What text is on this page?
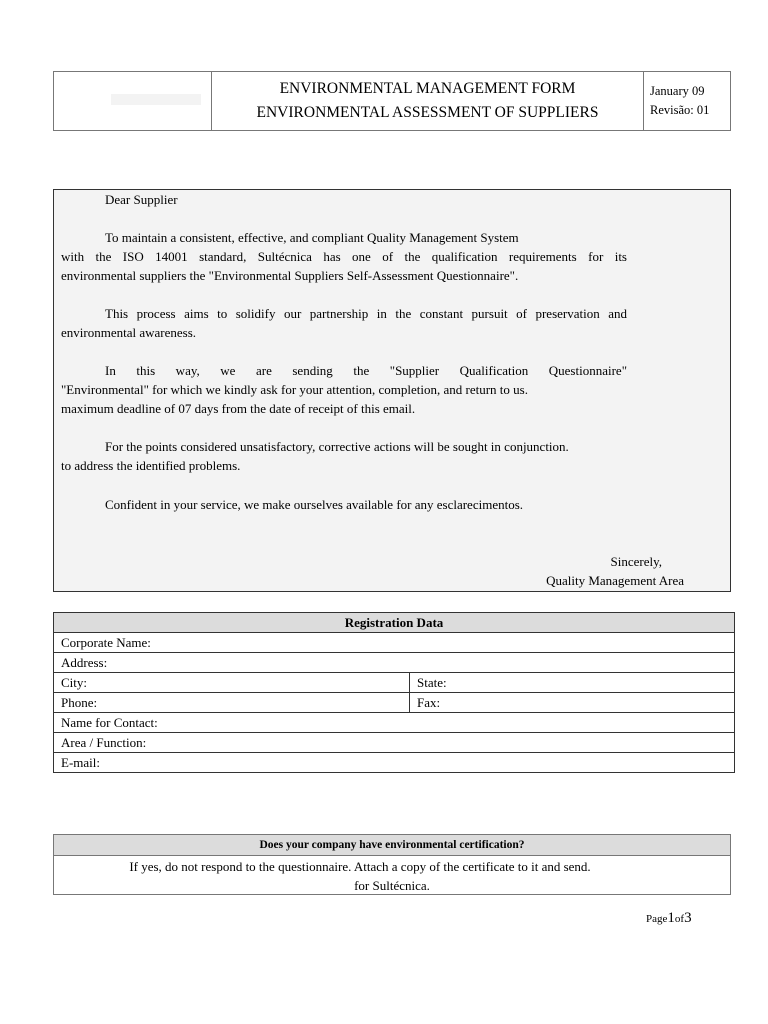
ENVIRONMENTAL MANAGEMENT FORM
ENVIRONMENTAL ASSESSMENT OF SUPPLIERS
January 09
Revisão: 01
Dear Supplier
To maintain a consistent, effective, and compliant Quality Management System
with the ISO 14001 standard, Sultécnica has one of the qualification requirements for its
environmental suppliers the "Environmental Suppliers Self-Assessment Questionnaire".
This process aims to solidify our partnership in the constant pursuit of preservation and environmental awareness.
In this way, we are sending the "Supplier Qualification Questionnaire"
"Environmental" for which we kindly ask for your attention, completion, and return to us.
maximum deadline of 07 days from the date of receipt of this email.
For the points considered unsatisfactory, corrective actions will be sought in conjunction.
to address the identified problems.
Confident in your service, we make ourselves available for any esclarecimentos.
Sincerely,
Quality Management Area
Registration Data	
Corporate Name:	
Address:	
City:	State:
Phone:	Fax:
Name for Contact:	
Area / Function:	
E-mail:	
Does your company have environmental certification?
If yes, do not respond to the questionnaire. Attach a copy of the certificate to it and send.
for Sultécnica.
Page1of3
